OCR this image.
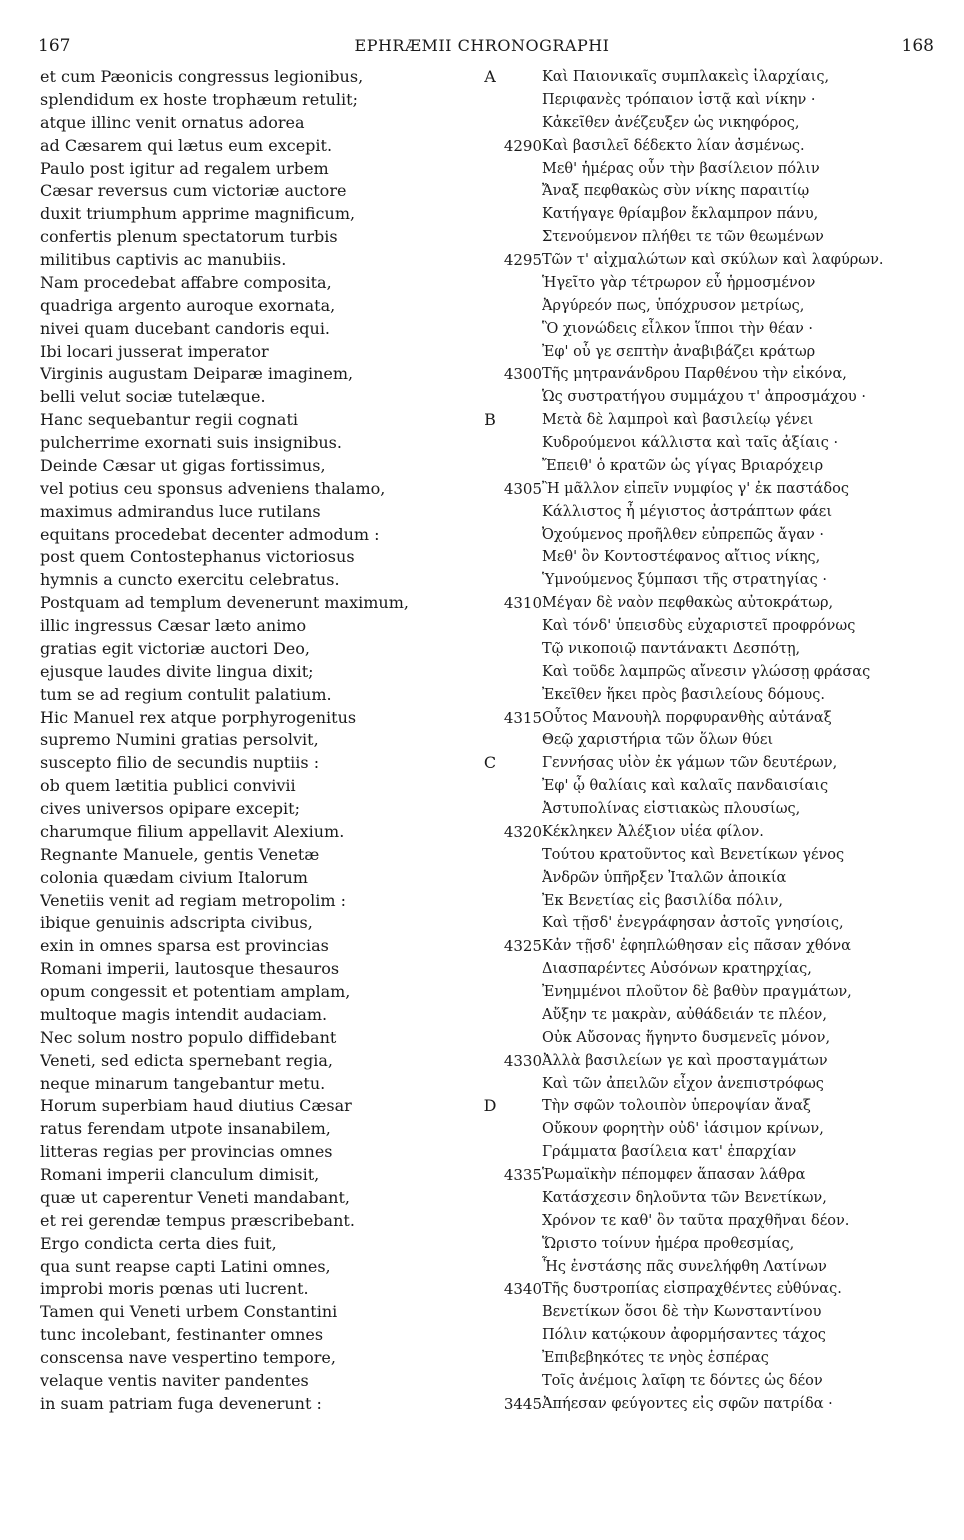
167	EPHRÆMII CHRONOGRAPHI	168
et cum Pæonicis congressus legionibus,
splendidum ex hoste trophæum retulit;
atque illinc venit ornatus adorea
ad Cæsarem qui lætus eum excepit.
Paulo post igitur ad regalem urbem
Cæsar reversus cum victoriæ auctore
duxit triumphum apprime magnificum,
confertis plenum spectatorum turbis
militibus captivis ac manubiis.
Nam procedebat affabre composita,
quadriga argento auroque exornata,
nivei quam ducebant candoris equi.
Ibi locari jusserat imperator
Virginis augustam Deiparæ imaginem,
belli velut sociæ tutelæque.
Hanc sequebantur regii cognati
pulcherrime exornati suis insignibus.
Deinde Cæsar ut gigas fortissimus,
vel potius ceu sponsus adveniens thalamo,
maximus admirandus luce rutilans
equitans procedebat decenter admodum :
post quem Contostephanus victoriosus
hymnis a cuncto exercitu celebratus.
Postquam ad templum devenerunt maximum,
illic ingressus Cæsar læto animo
gratias egit victoriæ auctori Deo,
ejusque laudes divite lingua dixit;
tum se ad regium contulit palatium.
Hic Manuel rex atque porphyrogenitus
supremo Numini gratias persolvit,
suscepto filio de secundis nuptiis :
ob quem lætitia publici convivii
cives universos opipare excepit;
charumque filium appellavit Alexium.
Regnante Manuele, gentis Venetæ
colonia quædam civium Italorum
Venetiis venit ad regiam metropolim :
ibique genuinis adscripta civibus,
exin in omnes sparsa est provincias
Romani imperii, lautosque thesauros
opum congessit et potentiam amplam,
multoque magis intendit audaciam.
Nec solum nostro populo diffidebant
Veneti, sed edicta spernebant regia,
neque minarum tangebantur metu.
Horum superbiam haud diutius Cæsar
ratus ferendam utpote insanabilem,
litteras regias per provincias omnes
Romani imperii clanculum dimisit,
quæ ut caperentur Veneti mandabant,
et rei gerendæ tempus præscribebant.
Ergo condicta certa dies fuit,
qua sunt reapse capti Latini omnes,
improbi moris pœnas uti lucrent.
Tamen qui Veneti urbem Constantini
tunc incolebant, festinanter omnes
conscensa nave vespertino tempore,
velaque ventis naviter pandentes
in suam patriam fuga devenerunt :
A
B
C
D
4290
4295
4300
4305
4310
4315
4320
4325
4330
4335
4340
3445
Καὶ Παιονικαῖς συμπλακεὶς ἰλαρχίαις,
Περιφανὲς τρόπαιον ἱστᾷ καὶ νίκην ·
Κἀκεῖθεν ἀνέζευξεν ὡς νικηφόρος,
Καὶ βασιλεῖ δέδεκτο λίαν ἀσμένως.
Μεθ' ἡμέρας οὖν τὴν βασίλειον πόλιν
Ἄναξ πεφθακὼς σὺν νίκης παραιτίῳ
Κατήγαγε θρίαμβον ἔκλαμπρον πάνυ,
Στενούμενον πλήθει τε τῶν θεωμένων
Τῶν τ' αἰχμαλώτων καὶ σκύλων καὶ λαφύρων.
Ἡγεῖτο γὰρ τέτρωρον εὖ ἡρμοσμένον
Ἀργύρεόν πως, ὑπόχρυσον μετρίως,
Ὃ χιονώδεις εἷλκον ἵπποι τὴν θέαν ·
Ἐφ' οὗ γε σεπτὴν ἀναβιβάζει κράτωρ
Τῆς μητρανάνδρου Παρθένου τὴν εἰκόνα,
Ὡς συστρατήγου συμμάχου τ' ἀπροσμάχου ·
Μετὰ δὲ λαμπροὶ καὶ βασιλείῳ γένει
Κυδρούμενοι κάλλιστα καὶ ταῖς ἀξίαις ·
Ἔπειθ' ὁ κρατῶν ὡς γίγας Βριαρόχειρ
Ἢ μᾶλλον εἰπεῖν νυμφίος γ' ἐκ παστάδος
Κάλλιστος ἦ μέγιστος ἀστράπτων φάει
Ὀχούμενος προῆλθεν εὐπρεπῶς ἄγαν ·
Μεθ' ὃν Κοντοστέφανος αἴτιος νίκης,
Ὑμνούμενος ξύμπασι τῆς στρατηγίας ·
Μέγαν δὲ ναὸν πεφθακὼς αὐτοκράτωρ,
Καὶ τόνδ' ὑπεισδὺς εὐχαριστεῖ προφρόνως
Τῷ νικοποιῷ παντάνακτι Δεσπότῃ,
Καὶ τοῦδε λαμπρῶς αἴνεσιν γλώσσῃ φράσας
Ἐκεῖθεν ἥκει πρὸς βασιλείους δόμους.
Οὗτος Μανουὴλ πορφυρανθὴς αὐτάναξ
Θεῷ χαριστήρια τῶν ὅλων θύει
Γεννήσας υἱὸν ἐκ γάμων τῶν δευτέρων,
Ἐφ' ᾧ θαλίαις καὶ καλαῖς πανδαισίαις
Ἀστυπολίνας εἱστιακὼς πλουσίως,
Κέκληκεν Ἀλέξιον υἱέα φίλον.
Τούτου κρατοῦντος καὶ Βενετίκων γένος
Ἀνδρῶν ὑπῆρξεν Ἰταλῶν ἀποικία
Ἐκ Βενετίας εἰς βασιλίδα πόλιν,
Καὶ τῇσδ' ἐνεγράφησαν ἀστοῖς γνησίοις,
Κἀν τῇσδ' ἐφηπλώθησαν εἰς πᾶσαν χθόνα
Διασπαρέντες Αὐσόνων κρατηρχίας,
Ἐνημμένοι πλοῦτον δὲ βαθὺν πραγμάτων,
Αὔξην τε μακρὰν, αὐθάδειάν τε πλέον,
Οὐκ Αὔσονας ἥγηντο δυσμενεῖς μόνον,
Ἀλλὰ βασιλείων γε καὶ προσταγμάτων
Καὶ τῶν ἀπειλῶν εἶχον ἀνεπιστρόφως
Τὴν σφῶν τολοιπὸν ὑπεροψίαν ἄναξ
Οὔκουν φορητὴν οὐδ' ἰάσιμον κρίνων,
Γράμματα βασίλεια κατ' ἐπαρχίαν
Ῥωμαϊκὴν πέπομφεν ἅπασαν λάθρα
Κατάσχεσιν δηλοῦντα τῶν Βενετίκων,
Χρόνον τε καθ' ὃν ταῦτα πραχθῆναι δέον.
Ὥριστο τοίνυν ἡμέρα προθεσμίας,
Ἧς ἐνστάσης πᾶς συνελήφθη Λατίνων
Τῆς δυστροπίας εἰσπραχθέντες εὐθύνας.
Βενετίκων ὅσοι δὲ τὴν Κωνσταντίνου
Πόλιν κατῴκουν ἀφορμήσαντες τάχος
Ἐπιβεβηκότες τε νηὸς ἑσπέρας
Τοῖς ἀνέμοις λαῖφη τε δόντες ὡς δέον
Ἀπήεσαν φεύγοντες εἰς σφῶν πατρίδα ·
